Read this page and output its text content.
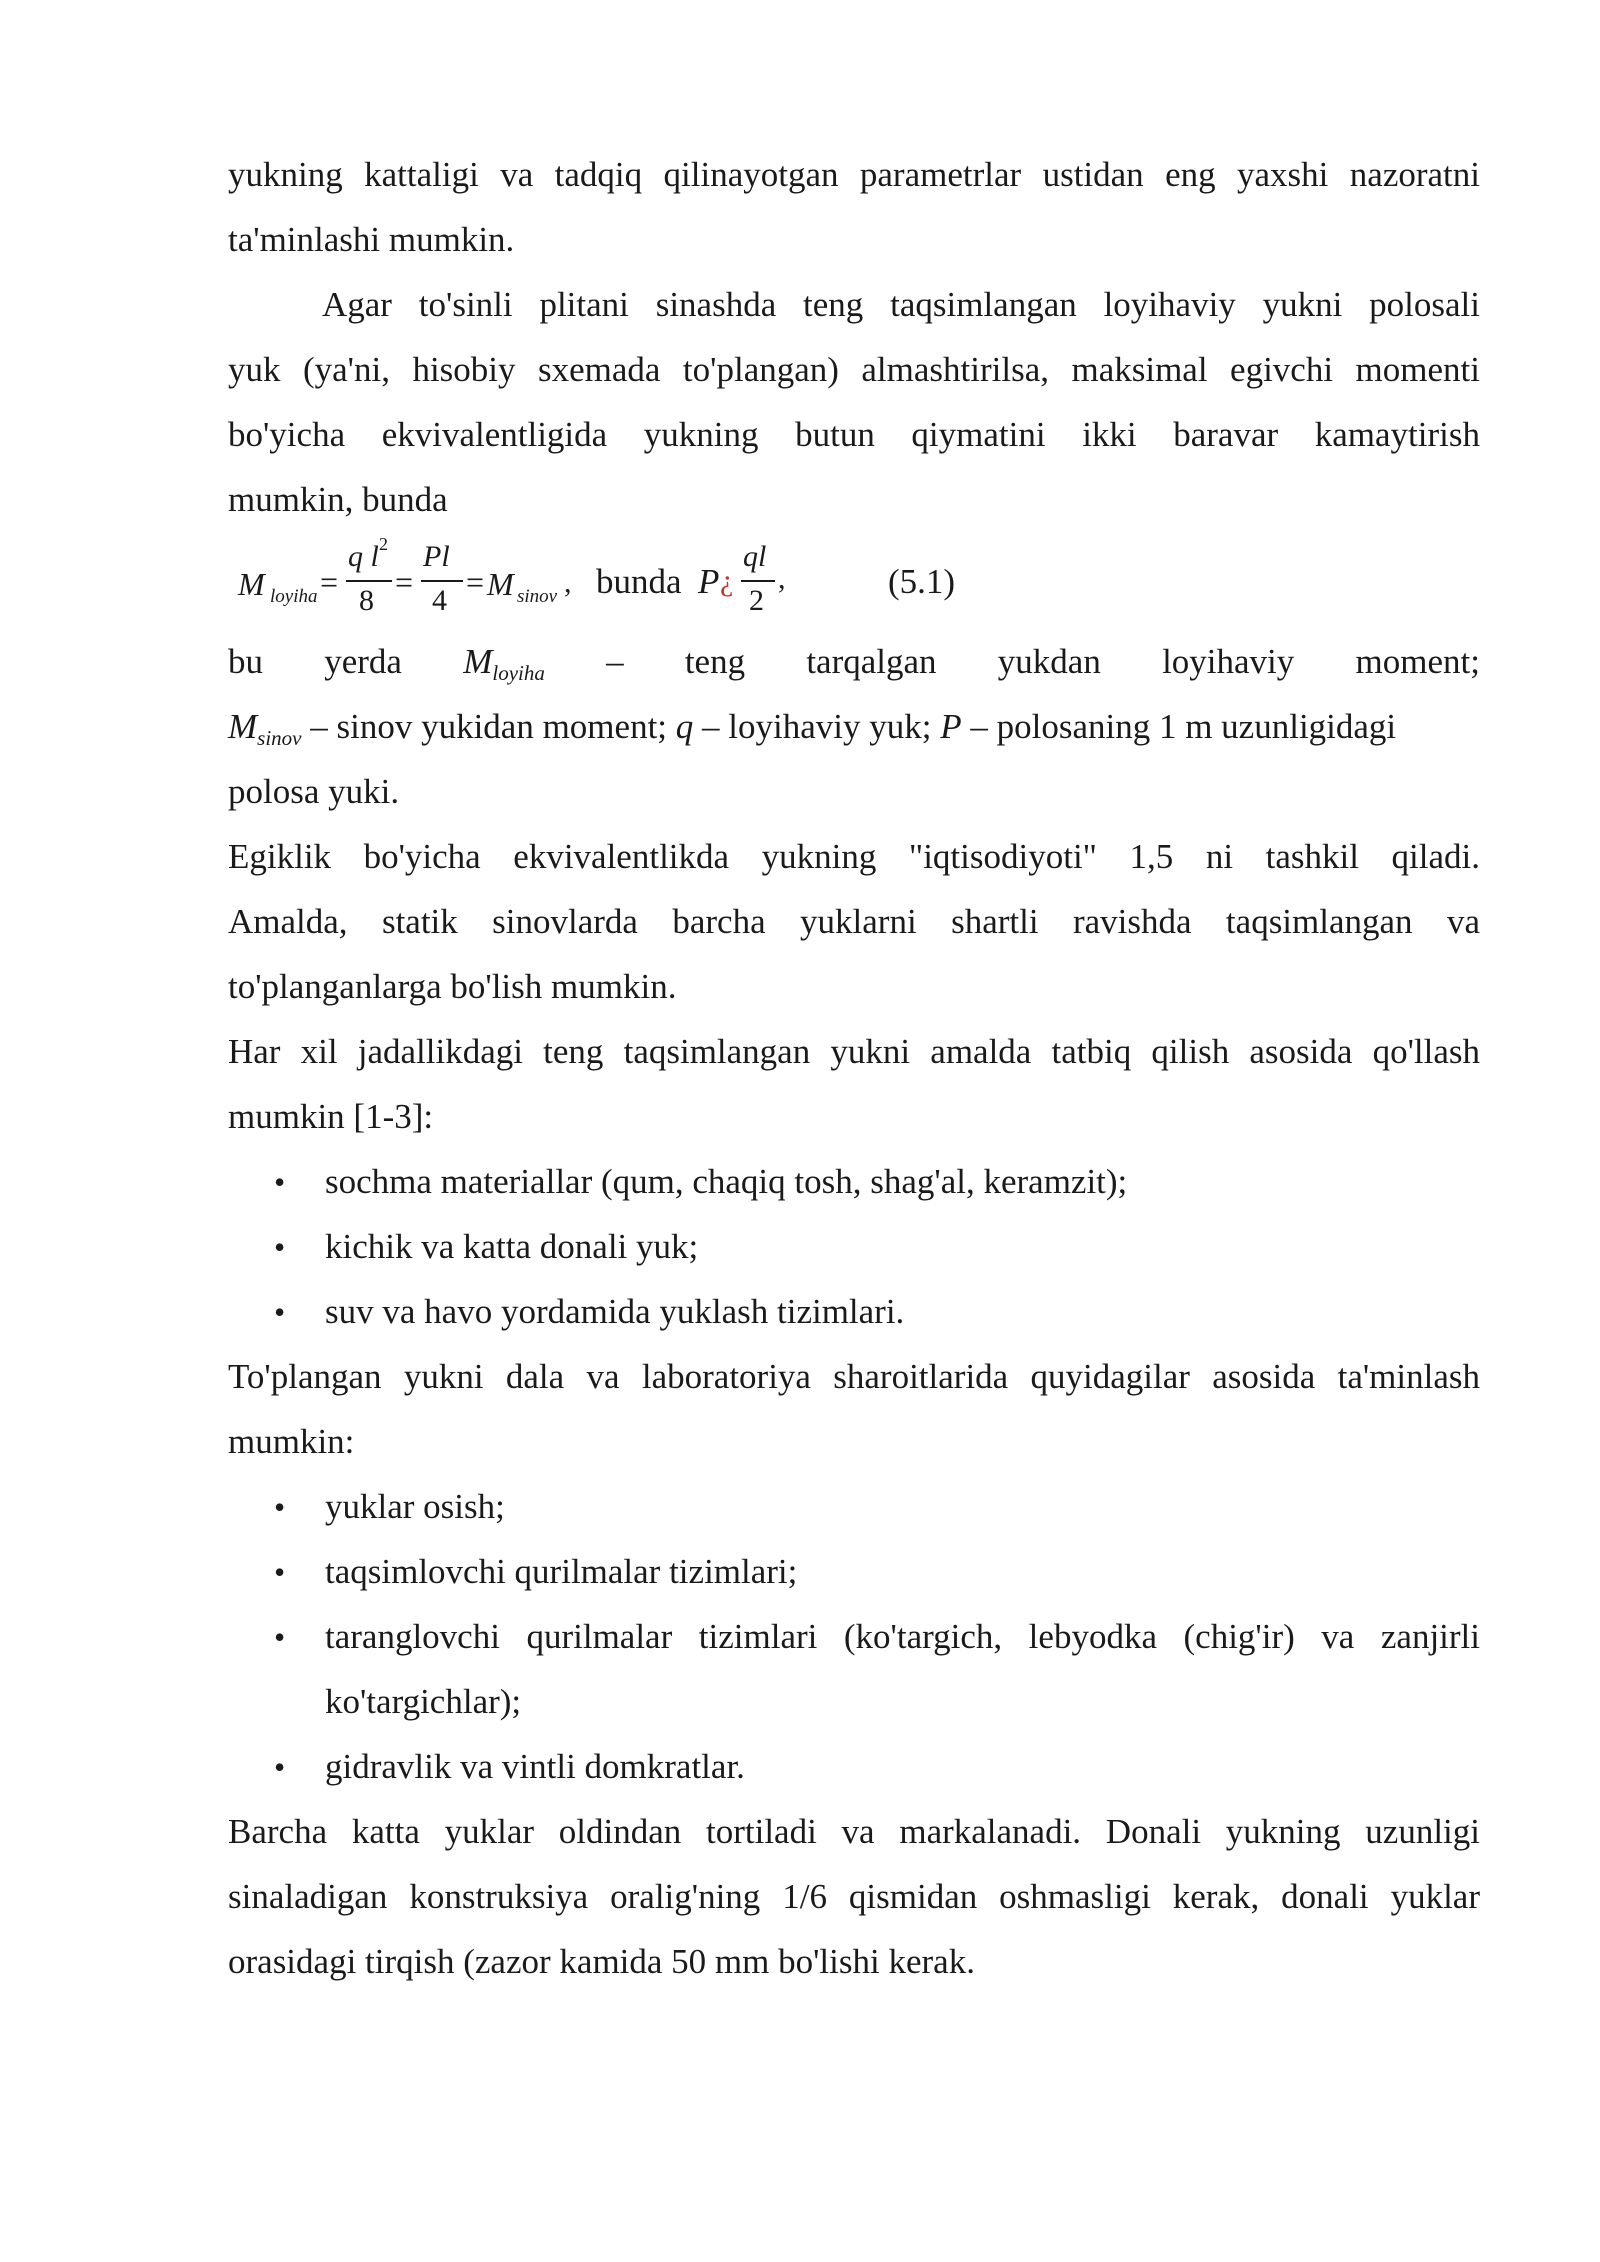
yukning kattaligi va tadqiq qilinayotgan parametrlar ustidan eng yaxshi nazoratni
ta'minlashi mumkin.
Agar to'sinli plitani sinashda teng taqsimlangan loyihaviy yukni polosali
yuk (ya'ni, hisobiy sxemada to'plangan) almashtirilsa, maksimal egivchi momenti
bo'yicha ekvivalentligida yukning butun qiymatini ikki baravar kamaytirish
mumkin, bunda
M loyiha =
q l 2
8
=
Pl
4
= M sinov , bunda P ¿
ql
2
,	(5.1)
bu yerda $M_{loyiha}$ – teng tarqalgan yukdan loyihaviy moment;
$M_{sinov}$ – sinov yukidan moment; q – loyihaviy yuk; P – polosaning 1 m uzunligidagi
polosa yuki.
Egiklik bo'yicha ekvivalentlikda yukning "iqtisodiyoti" 1,5 ni tashkil qiladi.
Amalda, statik sinovlarda barcha yuklarni shartli ravishda taqsimlangan va
to'planganlarga bo'lish mumkin.
Har xil jadallikdagi teng taqsimlangan yukni amalda tatbiq qilish asosida qo'llash
mumkin [1-3]:
•	sochma materiallar (qum, chaqiq tosh, shag'al, keramzit);
•	kichik va katta donali yuk;
•	suv va havo yordamida yuklash tizimlari.
To'plangan yukni dala va laboratoriya sharoitlarida quyidagilar asosida ta'minlash
mumkin:
•	yuklar osish;
•	taqsimlovchi qurilmalar tizimlari;
•	taranglovchi qurilmalar tizimlari (ko'targich, lebyodka (chig'ir) va zanjirli
ko'targichlar);
•	gidravlik va vintli domkratlar.
Barcha katta yuklar oldindan tortiladi va markalanadi. Donali yukning uzunligi
sinaladigan konstruksiya oralig'ning 1/6 qismidan oshmasligi kerak, donali yuklar
orasidagi tirqish (zazor kamida 50 mm bo'lishi kerak.
